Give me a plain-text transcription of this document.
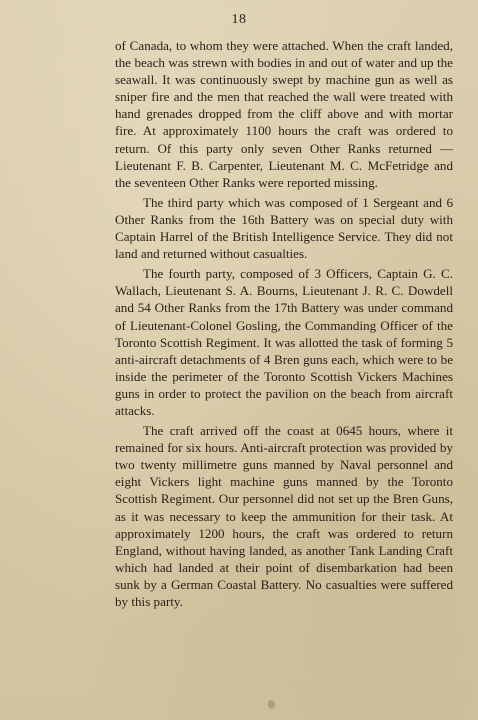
18

of Canada, to whom they were attached. When the craft landed, the beach was strewn with bodies in and out of water and up the seawall. It was continuously swept by machine gun as well as sniper fire and the men that reached the wall were treated with hand grenades dropped from the cliff above and with mortar fire. At approximately 1100 hours the craft was ordered to return. Of this party only seven Other Ranks returned — Lieutenant F. B. Carpenter, Lieutenant M. C. McFetridge and the seventeen Other Ranks were reported missing.

The third party which was composed of 1 Sergeant and 6 Other Ranks from the 16th Battery was on special duty with Captain Harrel of the British Intelligence Service. They did not land and returned without casualties.

The fourth party, composed of 3 Officers, Captain G. C. Wallach, Lieutenant S. A. Bourns, Lieutenant J. R. C. Dowdell and 54 Other Ranks from the 17th Battery was under command of Lieutenant-Colonel Gosling, the Commanding Officer of the Toronto Scottish Regiment. It was allotted the task of forming 5 anti-aircraft detachments of 4 Bren guns each, which were to be inside the perimeter of the Toronto Scottish Vickers Machines guns in order to protect the pavilion on the beach from aircraft attacks.

The craft arrived off the coast at 0645 hours, where it remained for six hours. Anti-aircraft protection was provided by two twenty millimetre guns manned by Naval personnel and eight Vickers light machine guns manned by the Toronto Scottish Regiment. Our personnel did not set up the Bren Guns, as it was necessary to keep the ammunition for their task. At approximately 1200 hours, the craft was ordered to return England, without having landed, as another Tank Landing Craft which had landed at their point of disembarkation had been sunk by a German Coastal Battery. No casualties were suffered by this party.
